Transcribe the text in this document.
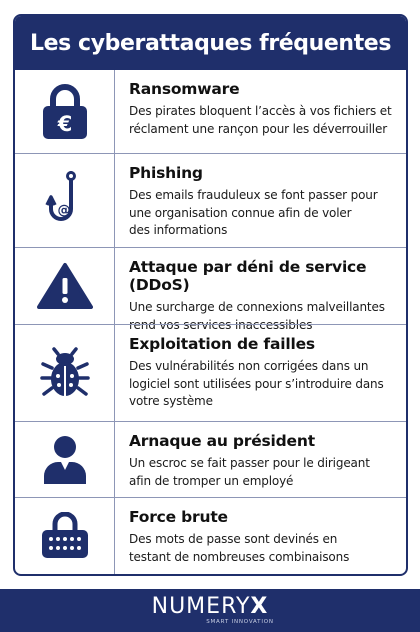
Les cyberattaques fréquentes
€
Ransomware

Des pirates bloquent l’accès à vos fichiers et
réclament une rançon pour les déverrouiller

@
Phishing

Des emails frauduleux se font passer pour
une organisation connue afin de voler
des informations

Attaque par déni de service (DDoS)

Une surcharge de connexions malveillantes
rend vos services inaccessibles

Exploitation de failles

Des vulnérabilités non corrigées dans un
logiciel sont utilisées pour s’introduire dans
votre système

Arnaque au président

Un escroc se fait passer pour le dirigeant
afin de tromper un employé

Force brute

Des mots de passe sont devinés en
testant de nombreuses combinaisons

NUMERYX
SMART INNOVATION
